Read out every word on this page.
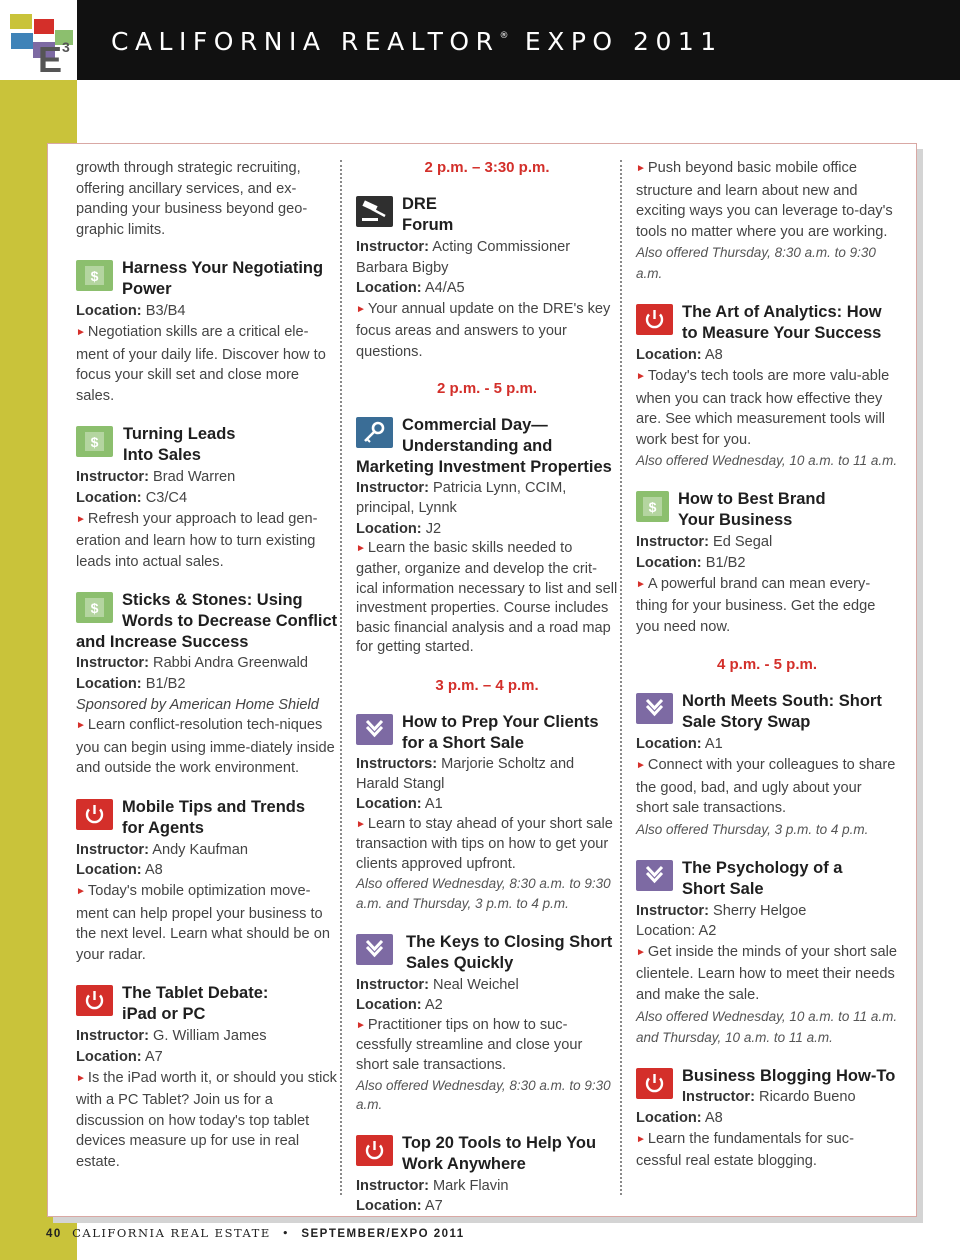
E 3 CALIFORNIA REALTOR® EXPO 2011
growth through strategic recruiting, offering ancillary services, and ex-panding your business beyond geo-graphic limits.
$ Harness Your Negotiating
Power
Location: B3/B4
► Negotiation skills are a critical ele-ment of your daily life. Discover how to focus your skill set and close more sales.
$ Turning Leads
Into Sales
Instructor: Brad Warren
Location: C3/C4
► Refresh your approach to lead gen-eration and learn how to turn existing leads into actual sales.
$ Sticks & Stones: Using
Words to Decrease Conflict
and Increase Success
Instructor: Rabbi Andra Greenwald
Location: B1/B2
Sponsored by American Home Shield
► Learn conflict-resolution tech-niques you can begin using imme-diately inside and outside the work environment.
Mobile Tips and Trends
for Agents
Instructor: Andy Kaufman
Location: A8
► Today's mobile optimization move-ment can help propel your business to the next level. Learn what should be on your radar.
The Tablet Debate:
iPad or PC
Instructor: G. William James
Location: A7
► Is the iPad worth it, or should you stick with a PC Tablet? Join us for a discussion on how today's top tablet devices measure up for use in real estate.
2 p.m. – 3:30 p.m.
DRE
Forum
Instructor: Acting Commissioner Barbara Bigby
Location: A4/A5
► Your annual update on the DRE's key focus areas and answers to your questions.
2 p.m. - 5 p.m.
Commercial Day—
Understanding and
Marketing Investment Properties
Instructor: Patricia Lynn, CCIM, principal, Lynnk
Location: J2
► Learn the basic skills needed to gather, organize and develop the crit-ical information necessary to list and sell investment properties. Course includes basic financial analysis and a road map for getting started.
3 p.m. – 4 p.m.
How to Prep Your Clients
for a Short Sale
Instructors: Marjorie Scholtz and Harald Stangl
Location: A1
► Learn to stay ahead of your short sale transaction with tips on how to get your clients approved upfront.
Also offered Wednesday, 8:30 a.m. to 9:30 a.m. and Thursday, 3 p.m. to 4 p.m.
The Keys to Closing Short
Sales Quickly
Instructor: Neal Weichel
Location: A2
► Practitioner tips on how to suc-cessfully streamline and close your short sale transactions.
Also offered Wednesday, 8:30 a.m. to 9:30 a.m.
Top 20 Tools to Help You
Work Anywhere
Instructor: Mark Flavin
Location: A7
► Push beyond basic mobile office structure and learn about new and exciting ways you can leverage to-day's tools no matter where you are working.
Also offered Thursday, 8:30 a.m. to 9:30 a.m.
The Art of Analytics: How
to Measure Your Success
Location: A8
► Today's tech tools are more valu-able when you can track how effective they are. See which measurement tools will work best for you.
Also offered Wednesday, 10 a.m. to 11 a.m.
$ How to Best Brand
Your Business
Instructor: Ed Segal
Location: B1/B2
► A powerful brand can mean every-thing for your business. Get the edge you need now.
4 p.m. - 5 p.m.
North Meets South: Short
Sale Story Swap
Location: A1
► Connect with your colleagues to share the good, bad, and ugly about your short sale transactions.
Also offered Thursday, 3 p.m. to 4 p.m.
The Psychology of a
Short Sale
Instructor: Sherry Helgoe
Location: A2
► Get inside the minds of your short sale clientele. Learn how to meet their needs and make the sale.
Also offered Wednesday, 10 a.m. to 11 a.m. and Thursday, 10 a.m. to 11 a.m.
Business Blogging How-To
Instructor: Ricardo Bueno
Location: A8
► Learn the fundamentals for suc-cessful real estate blogging.
40 CALIFORNIA REAL ESTATE • SEPTEMBER/EXPO 2011
